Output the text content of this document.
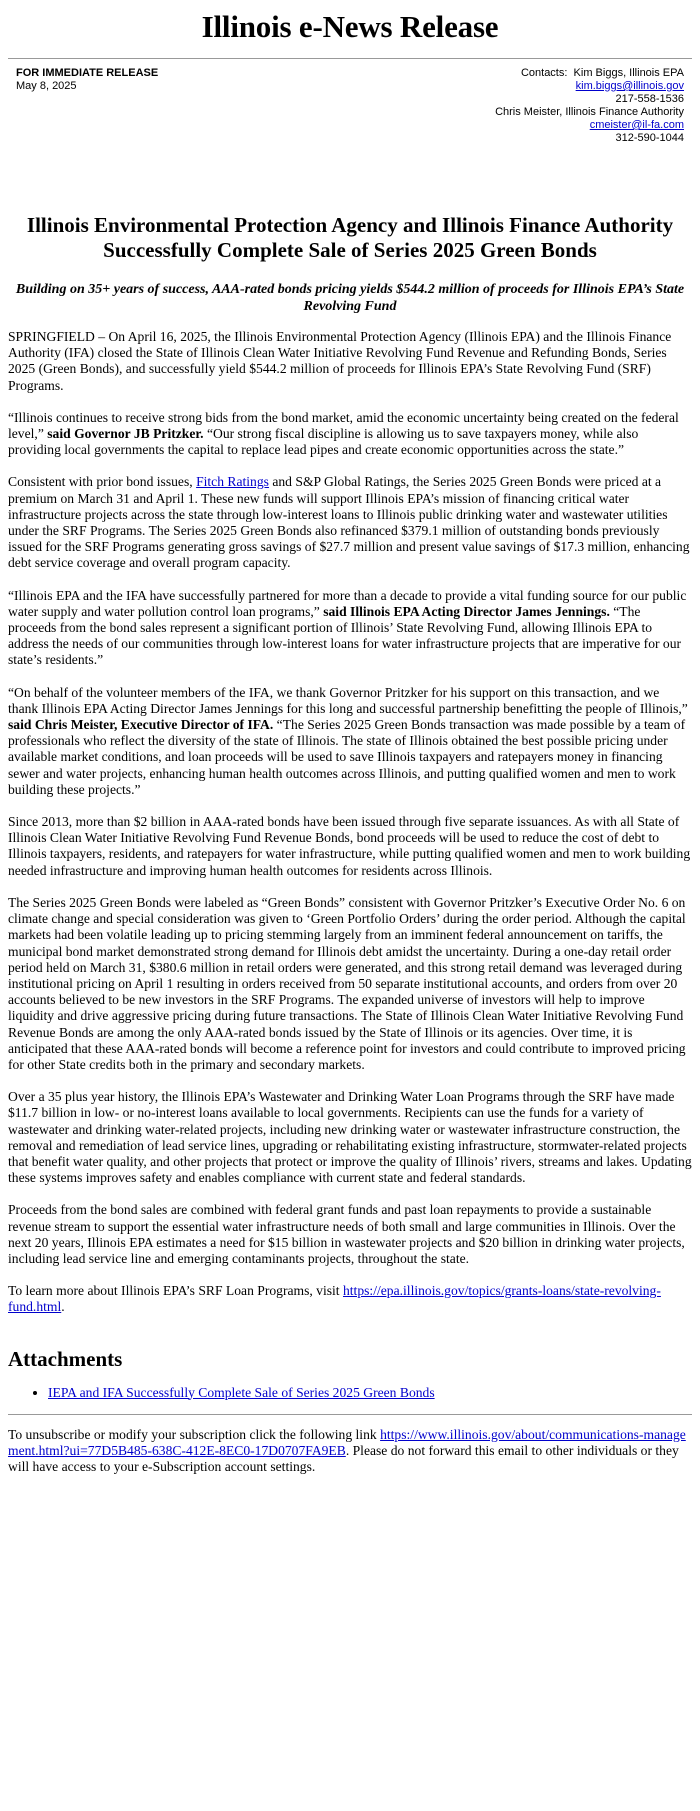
Illinois e-News Release
FOR IMMEDIATE RELEASE
May 8, 2025
Contacts: Kim Biggs, Illinois EPA
kim.biggs@illinois.gov
217-558-1536
Chris Meister, Illinois Finance Authority
cmeister@il-fa.com
312-590-1044
Illinois Environmental Protection Agency and Illinois Finance Authority Successfully Complete Sale of Series 2025 Green Bonds
Building on 35+ years of success, AAA-rated bonds pricing yields $544.2 million of proceeds for Illinois EPA’s State Revolving Fund

SPRINGFIELD – On April 16, 2025, the Illinois Environmental Protection Agency (Illinois EPA) and the Illinois Finance Authority (IFA) closed the State of Illinois Clean Water Initiative Revolving Fund Revenue and Refunding Bonds, Series 2025 (Green Bonds), and successfully yield $544.2 million of proceeds for Illinois EPA’s State Revolving Fund (SRF) Programs.

“Illinois continues to receive strong bids from the bond market, amid the economic uncertainty being created on the federal level,” said Governor JB Pritzker. “Our strong fiscal discipline is allowing us to save taxpayers money, while also providing local governments the capital to replace lead pipes and create economic opportunities across the state.”

Consistent with prior bond issues, Fitch Ratings and S&P Global Ratings, the Series 2025 Green Bonds were priced at a premium on March 31 and April 1. These new funds will support Illinois EPA’s mission of financing critical water infrastructure projects across the state through low-interest loans to Illinois public drinking water and wastewater utilities under the SRF Programs. The Series 2025 Green Bonds also refinanced $379.1 million of outstanding bonds previously issued for the SRF Programs generating gross savings of $27.7 million and present value savings of $17.3 million, enhancing debt service coverage and overall program capacity.

“Illinois EPA and the IFA have successfully partnered for more than a decade to provide a vital funding source for our public water supply and water pollution control loan programs,” said Illinois EPA Acting Director James Jennings. “The proceeds from the bond sales represent a significant portion of Illinois’ State Revolving Fund, allowing Illinois EPA to address the needs of our communities through low-interest loans for water infrastructure projects that are imperative for our state’s residents.”

“On behalf of the volunteer members of the IFA, we thank Governor Pritzker for his support on this transaction, and we thank Illinois EPA Acting Director James Jennings for this long and successful partnership benefitting the people of Illinois,” said Chris Meister, Executive Director of IFA. “The Series 2025 Green Bonds transaction was made possible by a team of professionals who reflect the diversity of the state of Illinois. The state of Illinois obtained the best possible pricing under available market conditions, and loan proceeds will be used to save Illinois taxpayers and ratepayers money in financing sewer and water projects, enhancing human health outcomes across Illinois, and putting qualified women and men to work building these projects.”

Since 2013, more than $2 billion in AAA-rated bonds have been issued through five separate issuances. As with all State of Illinois Clean Water Initiative Revolving Fund Revenue Bonds, bond proceeds will be used to reduce the cost of debt to Illinois taxpayers, residents, and ratepayers for water infrastructure, while putting qualified women and men to work building needed infrastructure and improving human health outcomes for residents across Illinois.

The Series 2025 Green Bonds were labeled as “Green Bonds” consistent with Governor Pritzker’s Executive Order No. 6 on climate change and special consideration was given to ‘Green Portfolio Orders’ during the order period. Although the capital markets had been volatile leading up to pricing stemming largely from an imminent federal announcement on tariffs, the municipal bond market demonstrated strong demand for Illinois debt amidst the uncertainty. During a one-day retail order period held on March 31, $380.6 million in retail orders were generated, and this strong retail demand was leveraged during institutional pricing on April 1 resulting in orders received from 50 separate institutional accounts, and orders from over 20 accounts believed to be new investors in the SRF Programs. The expanded universe of investors will help to improve liquidity and drive aggressive pricing during future transactions. The State of Illinois Clean Water Initiative Revolving Fund Revenue Bonds are among the only AAA-rated bonds issued by the State of Illinois or its agencies. Over time, it is anticipated that these AAA-rated bonds will become a reference point for investors and could contribute to improved pricing for other State credits both in the primary and secondary markets.

Over a 35 plus year history, the Illinois EPA’s Wastewater and Drinking Water Loan Programs through the SRF have made $11.7 billion in low- or no-interest loans available to local governments. Recipients can use the funds for a variety of wastewater and drinking water-related projects, including new drinking water or wastewater infrastructure construction, the removal and remediation of lead service lines, upgrading or rehabilitating existing infrastructure, stormwater-related projects that benefit water quality, and other projects that protect or improve the quality of Illinois’ rivers, streams and lakes. Updating these systems improves safety and enables compliance with current state and federal standards.

Proceeds from the bond sales are combined with federal grant funds and past loan repayments to provide a sustainable revenue stream to support the essential water infrastructure needs of both small and large communities in Illinois. Over the next 20 years, Illinois EPA estimates a need for $15 billion in wastewater projects and $20 billion in drinking water projects, including lead service line and emerging contaminants projects, throughout the state.

To learn more about Illinois EPA’s SRF Loan Programs, visit https://epa.illinois.gov/topics/grants-loans/state-revolving-fund.html.

Attachments
• IEPA and IFA Successfully Complete Sale of Series 2025 Green Bonds

To unsubscribe or modify your subscription click the following link https://www.illinois.gov/about/communications-management.html?ui=77D5B485-638C-412E-8EC0-17D0707FA9EB. Please do not forward this email to other individuals or they will have access to your e-Subscription account settings.
